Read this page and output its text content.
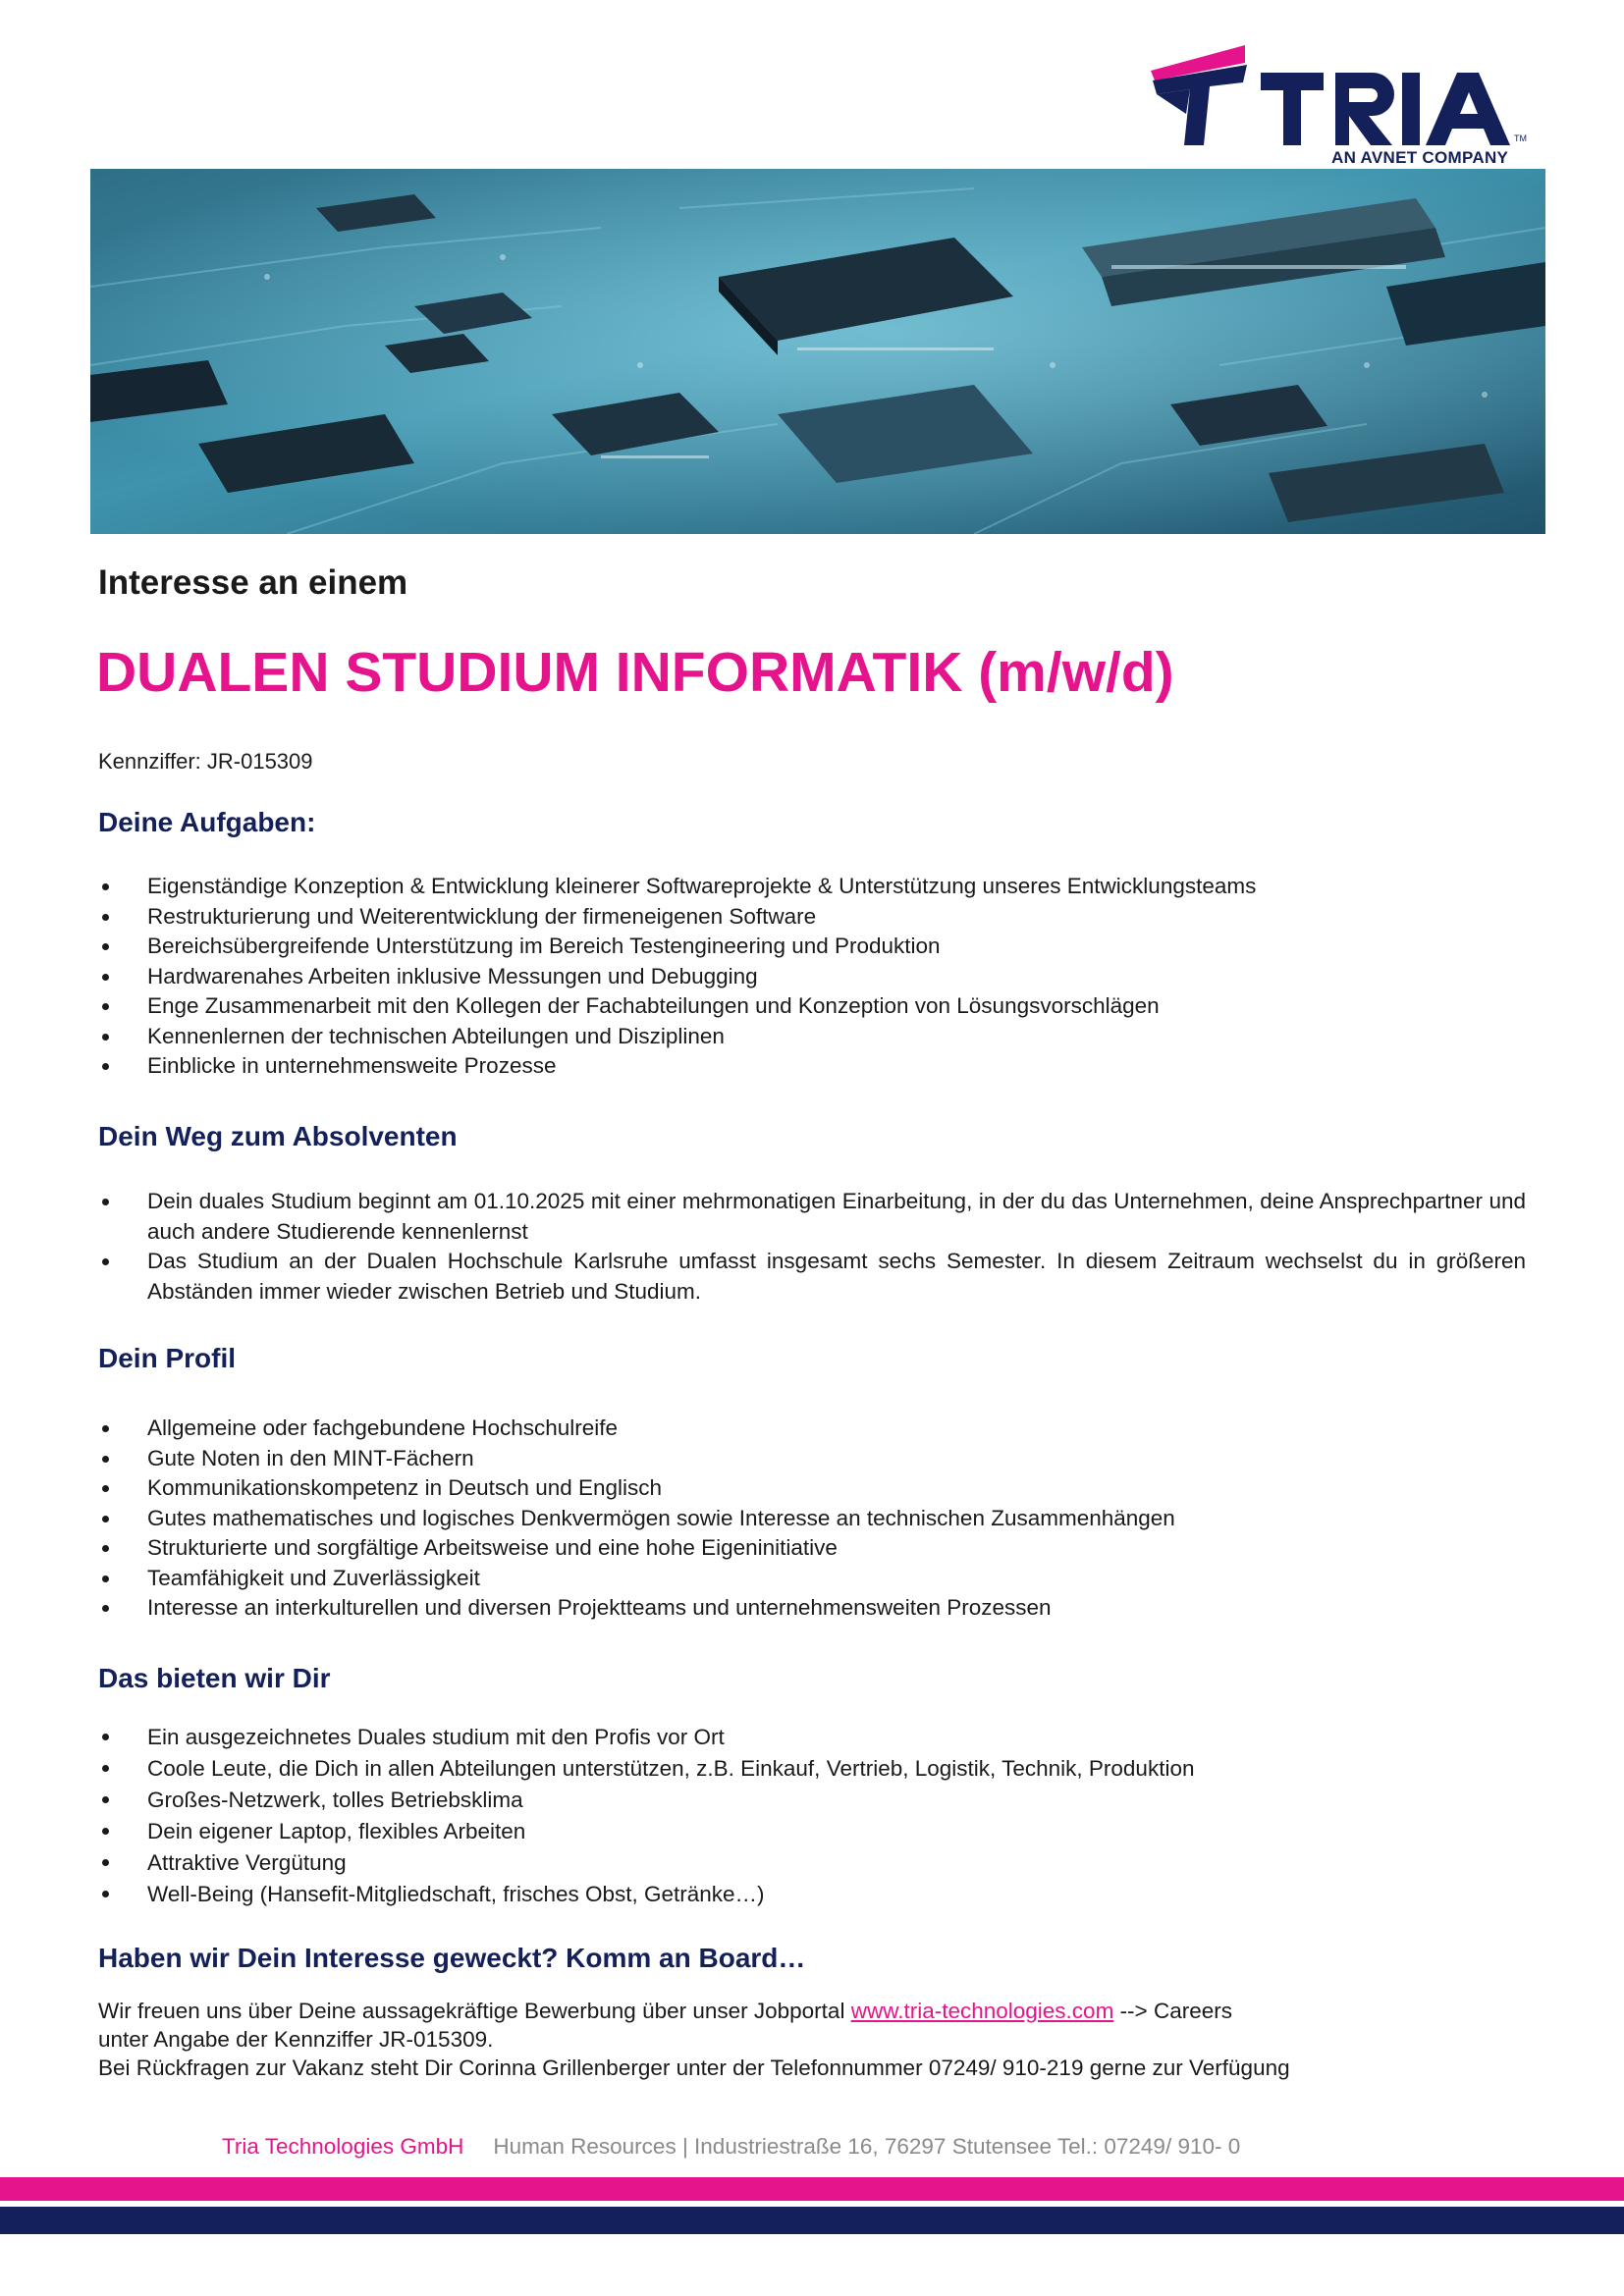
TM
AN AVNET COMPANY

Interesse an einem

DUALEN STUDIUM INFORMATIK (m/w/d)

Kennziffer: JR-015309

Deine Aufgaben:
Eigenständige Konzeption & Entwicklung kleinerer Softwareprojekte & Unterstützung unseres Entwicklungsteams
Restrukturierung und Weiterentwicklung der firmeneigenen Software
Bereichsübergreifende Unterstützung im Bereich Testengineering und Produktion
Hardwarenahes Arbeiten inklusive Messungen und Debugging
Enge Zusammenarbeit mit den Kollegen der Fachabteilungen und Konzeption von Lösungsvorschlägen
Kennenlernen der technischen Abteilungen und Disziplinen
Einblicke in unternehmensweite Prozesse
Dein Weg zum Absolventen
Dein duales Studium beginnt am 01.10.2025 mit einer mehrmonatigen Einarbeitung, in der du das Unternehmen, deine Ansprechpartner und auch andere Studierende kennenlernst
Das Studium an der Dualen Hochschule Karlsruhe umfasst insgesamt sechs Semester. In diesem Zeitraum wechselst du in größeren Abständen immer wieder zwischen Betrieb und Studium.
Dein Profil
Allgemeine oder fachgebundene Hochschulreife
Gute Noten in den MINT-Fächern
Kommunikationskompetenz in Deutsch und Englisch
Gutes mathematisches und logisches Denkvermögen sowie Interesse an technischen Zusammenhängen
Strukturierte und sorgfältige Arbeitsweise und eine hohe Eigeninitiative
Teamfähigkeit und Zuverlässigkeit
Interesse an interkulturellen und diversen Projektteams und unternehmensweiten Prozessen
Das bieten wir Dir
Ein ausgezeichnetes Duales studium mit den Profis vor Ort
Coole Leute, die Dich in allen Abteilungen unterstützen, z.B. Einkauf, Vertrieb, Logistik, Technik, Produktion
Großes-Netzwerk, tolles Betriebsklima
Dein eigener Laptop, flexibles Arbeiten
Attraktive Vergütung
Well-Being (Hansefit-Mitgliedschaft, frisches Obst, Getränke…)
Haben wir Dein Interesse geweckt? Komm an Board…

Wir freuen uns über Deine aussagekräftige Bewerbung über unser Jobportal www.tria-technologies.com --> Careers
unter Angabe der Kennziffer JR-015309.
Bei Rückfragen zur Vakanz steht Dir Corinna Grillenberger unter der Telefonnummer 07249/ 910-219 gerne zur Verfügung

Tria Technologies GmbH Human Resources | Industriestraße 16, 76297 Stutensee Tel.: 07249/ 910- 0
